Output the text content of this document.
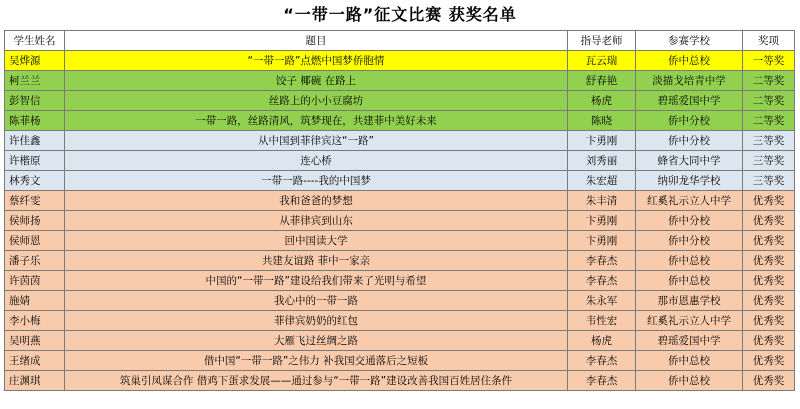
“一带一路”征文比赛 获奖名单
学生姓名	题目	指导老师	参赛学校	奖项
吴烨源	“一带一路”点燃中国梦侨胞情	瓦云瑞	侨中总校	一等奖
柯兰兰	饺子 椰碗 在路上	舒春艳	淡描戈培青中学	二等奖
彭智信	丝路上的小小豆腐坊	杨虎	碧瑶爱国中学	二等奖
陈菲杨	一带一路，丝路清风，筑梦现在，共建菲中美好未来	陈晓	侨中分校	二等奖
许佳鑫	从中国到菲律宾这“一路”	卞勇刚	侨中分校	三等奖
许楷原	连心桥	刘秀丽	蜂省大同中学	三等奖
林秀文	一带一路----我的中国梦	朱宏超	纳卯龙华学校	三等奖
蔡纤雯	我和爸爸的梦想	朱丰清	红奚礼示立人中学	优秀奖
侯师扬	从菲律宾到山东	卞勇刚	侨中分校	优秀奖
侯师恩	回中国读大学	卞勇刚	侨中分校	优秀奖
潘子乐	共建友谊路 菲中一家亲	李春杰	侨中总校	优秀奖
许茵茵	中国的“一带一路”建设给我们带来了光明与希望	李春杰	侨中总校	优秀奖
施婧	我心中的一带一路	朱永军	那市恩惠学校	优秀奖
李小梅	菲律宾奶奶的红包	韦性宏	红奚礼示立人中学	优秀奖
吴明燕	大雁飞过丝绸之路	杨虎	碧瑶爱国中学	优秀奖
王绪成	借中国“一带一路”之伟力 补我国交通落后之短板	李春杰	侨中总校	优秀奖
庄渊琪	筑巢引凤谋合作 借鸡下蛋求发展——通过参与“一带一路”建设改善我国百姓居住条件	李春杰	侨中总校	优秀奖
